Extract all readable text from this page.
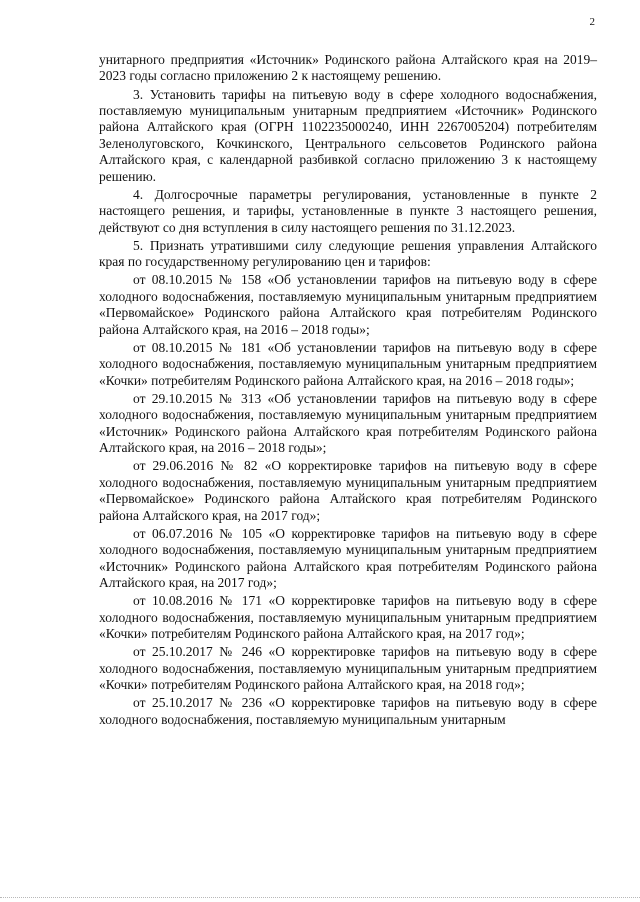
2

унитарного предприятия «Источник» Родинского района Алтайского края на 2019–2023 годы согласно приложению 2 к настоящему решению.

3. Установить тарифы на питьевую воду в сфере холодного водоснабжения, поставляемую муниципальным унитарным предприятием «Источник» Родинского района Алтайского края (ОГРН 1102235000240, ИНН 2267005204) потребителям Зеленолуговского, Кочкинского, Центрального сельсоветов Родинского района Алтайского края, с календарной разбивкой согласно приложению 3 к настоящему решению.

4. Долгосрочные параметры регулирования, установленные в пункте 2 настоящего решения, и тарифы, установленные в пункте 3 настоящего решения, действуют со дня вступления в силу настоящего решения по 31.12.2023.

5. Признать утратившими силу следующие решения управления Алтайского края по государственному регулированию цен и тарифов:

от 08.10.2015 № 158 «Об установлении тарифов на питьевую воду в сфере холодного водоснабжения, поставляемую муниципальным унитарным предприятием «Первомайское» Родинского района Алтайского края потребителям Родинского района Алтайского края, на 2016 – 2018 годы»;

от 08.10.2015 № 181 «Об установлении тарифов на питьевую воду в сфере холодного водоснабжения, поставляемую муниципальным унитарным предприятием «Кочки» потребителям Родинского района Алтайского края, на 2016 – 2018 годы»;

от 29.10.2015 № 313 «Об установлении тарифов на питьевую воду в сфере холодного водоснабжения, поставляемую муниципальным унитарным предприятием «Источник» Родинского района Алтайского края потребителям Родинского района Алтайского края, на 2016 – 2018 годы»;

от 29.06.2016 № 82 «О корректировке тарифов на питьевую воду в сфере холодного водоснабжения, поставляемую муниципальным унитарным предприятием «Первомайское» Родинского района Алтайского края потребителям Родинского района Алтайского края, на 2017 год»;

от 06.07.2016 № 105 «О корректировке тарифов на питьевую воду в сфере холодного водоснабжения, поставляемую муниципальным унитарным предприятием «Источник» Родинского района Алтайского края потребителям Родинского района Алтайского края, на 2017 год»;

от 10.08.2016 № 171 «О корректировке тарифов на питьевую воду в сфере холодного водоснабжения, поставляемую муниципальным унитарным предприятием «Кочки» потребителям Родинского района Алтайского края, на 2017 год»;

от 25.10.2017 № 246 «О корректировке тарифов на питьевую воду в сфере холодного водоснабжения, поставляемую муниципальным унитарным предприятием «Кочки» потребителям Родинского района Алтайского края, на 2018 год»;

от 25.10.2017 № 236 «О корректировке тарифов на питьевую воду в сфере холодного водоснабжения, поставляемую муниципальным унитарным
